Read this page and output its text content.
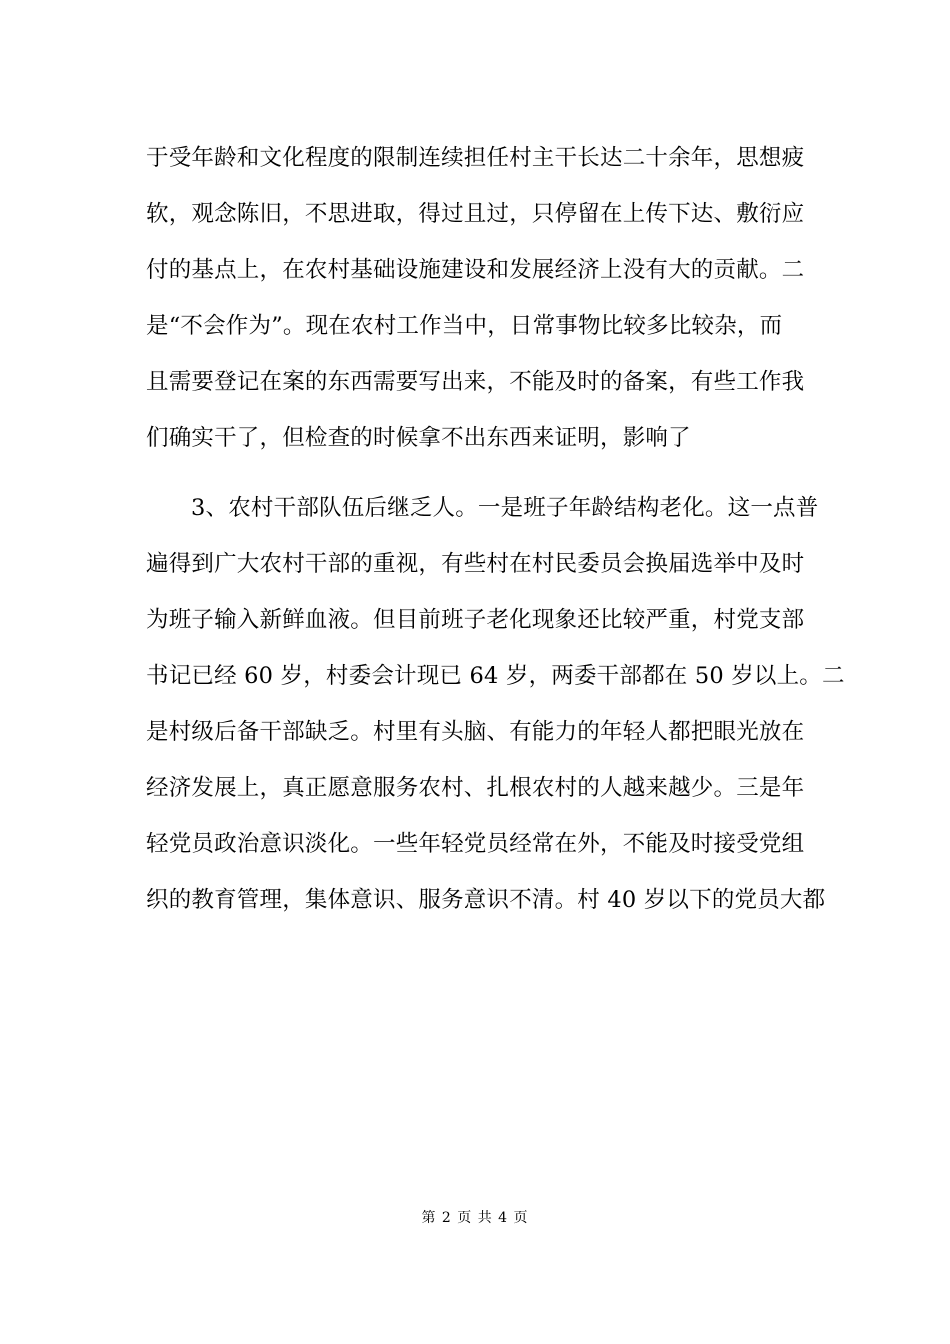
于受年龄和文化程度的限制连续担任村主干长达二十余年，思想疲
软，观念陈旧，不思进取，得过且过，只停留在上传下达、敷衍应
付的基点上，在农村基础设施建设和发展经济上没有大的贡献。二
是“不会作为”。现在农村工作当中，日常事物比较多比较杂，而
且需要登记在案的东西需要写出来，不能及时的备案，有些工作我
们确实干了，但检查的时候拿不出东西来证明，影响了
3、农村干部队伍后继乏人。一是班子年龄结构老化。这一点普
遍得到广大农村干部的重视，有些村在村民委员会换届选举中及时
为班子输入新鲜血液。但目前班子老化现象还比较严重，村党支部
书记已经 60 岁，村委会计现已 64 岁，两委干部都在 50 岁以上。二
是村级后备干部缺乏。村里有头脑、有能力的年轻人都把眼光放在
经济发展上，真正愿意服务农村、扎根农村的人越来越少。三是年
轻党员政治意识淡化。一些年轻党员经常在外，不能及时接受党组
织的教育管理，集体意识、服务意识不清。村 40 岁以下的党员大都
第 2 页 共 4 页
